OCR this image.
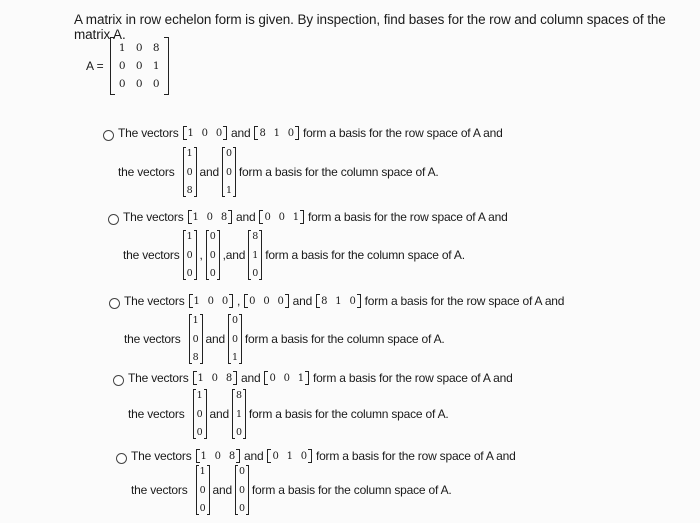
A matrix in row echelon form is given. By inspection, find bases for the row and column spaces of the matrix A.
A =
1 0 8
0 0 1
0 0 0
The vectors 1 0 0 and 8 1 0 form a basis for the row space of A and
the vectors
1
0
8
and
0
0
1
form a basis for the column space of A.
The vectors 1 0 8 and 0 0 1 form a basis for the row space of A and
the vectors
1
0
0
,
0
0
0
, and
8
1
0
form a basis for the column space of A.
The vectors 1 0 0 , 0 0 0 and 8 1 0 form a basis for the row space of A and
the vectors
1
0
8
and
0
0
1
form a basis for the column space of A.
The vectors 1 0 8 and 0 0 1 form a basis for the row space of A and
the vectors
1
0
0
and
8
1
0
form a basis for the column space of A.
The vectors 1 0 8 and 0 1 0 form a basis for the row space of A and
the vectors
1
0
0
and
0
0
0
form a basis for the column space of A.
